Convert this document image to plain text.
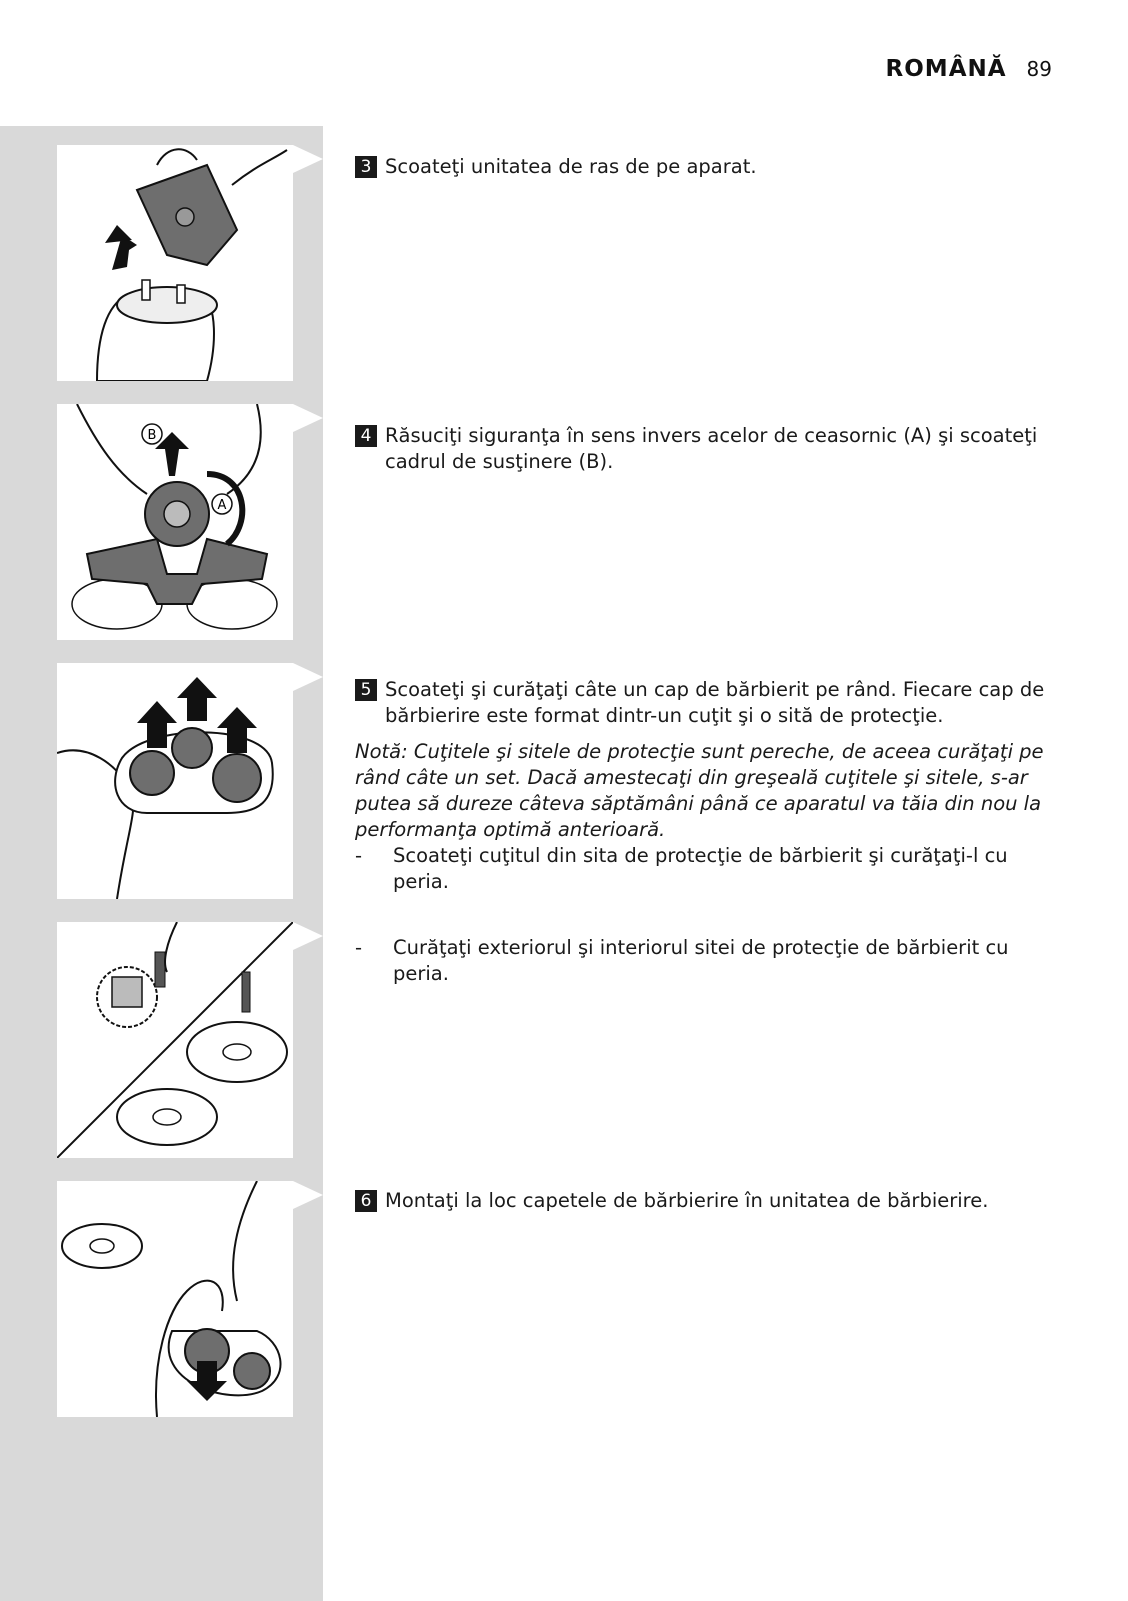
ROMÂNĂ 89
B
A
3 Scoateţi unitatea de ras de pe aparat.
4 Răsuciţi siguranţa în sens invers acelor de ceasornic (A) şi scoateţi cadrul de susţinere (B).
5 Scoateţi şi curăţaţi câte un cap de bărbierit pe rând. Fiecare cap de bărbierire este format dintr-un cuţit şi o sită de protecţie.
Notă: Cuţitele şi sitele de protecţie sunt pereche, de aceea curăţaţi pe rând câte un set. Dacă amestecaţi din greşeală cuţitele şi sitele, s-ar putea să dureze câteva săptămâni până ce aparatul va tăia din nou la performanţa optimă anterioară.
-	Scoateţi cuţitul din sita de protecţie de bărbierit şi curăţaţi-l cu peria.
-	Curăţaţi exteriorul şi interiorul sitei de protecţie de bărbierit cu peria.
6 Montaţi la loc capetele de bărbierire în unitatea de bărbierire.
